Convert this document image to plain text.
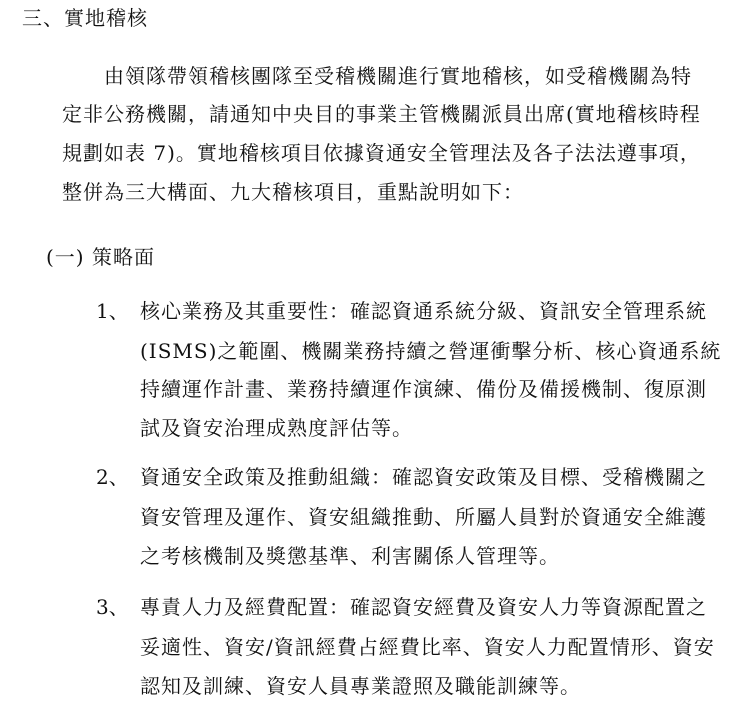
三、實地稽核
由領隊帶領稽核團隊至受稽機關進行實地稽核，如受稽機關為特
定非公務機關，請通知中央目的事業主管機關派員出席(實地稽核時程
規劃如表 7)。實地稽核項目依據資通安全管理法及各子法法遵事項，
整併為三大構面、九大稽核項目，重點說明如下：
(一) 策略面
1、 核心業務及其重要性：確認資通系統分級、資訊安全管理系統
(ISMS)之範圍、機關業務持續之營運衝擊分析、核心資通系統
持續運作計畫、業務持續運作演練、備份及備援機制、復原測
試及資安治理成熟度評估等。
2、 資通安全政策及推動組織：確認資安政策及目標、受稽機關之
資安管理及運作、資安組織推動、所屬人員對於資通安全維護
之考核機制及獎懲基準、利害關係人管理等。
3、 專責人力及經費配置：確認資安經費及資安人力等資源配置之
妥適性、資安/資訊經費占經費比率、資安人力配置情形、資安
認知及訓練、資安人員專業證照及職能訓練等。
